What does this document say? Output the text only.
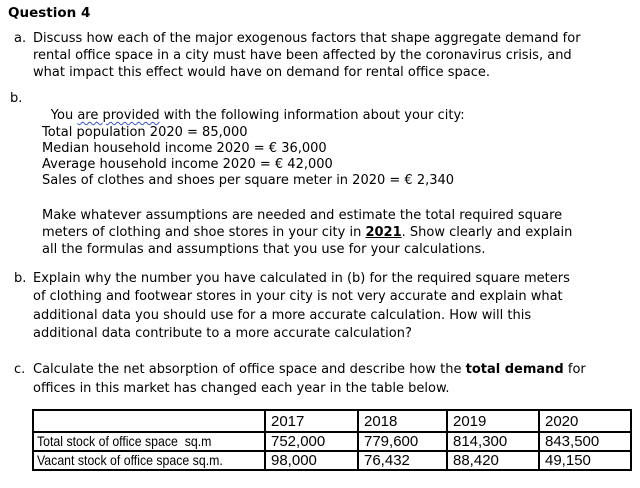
Question 4
a. Discuss how each of the major exogenous factors that shape aggregate demand for
rental office space in a city must have been affected by the coronavirus crisis, and
what impact this effect would have on demand for rental office space.
b.

You are provided with the following information about your city:

Total population 2020 = 85,000
Median household income 2020 = € 36,000
Average household income 2020 = € 42,000
Sales of clothes and shoes per square meter in 2020 = € 2,340
Make whatever assumptions are needed and estimate the total required square
meters of clothing and shoe stores in your city in 2021. Show clearly and explain
all the formulas and assumptions that you use for your calculations.
b. Explain why the number you have calculated in (b) for the required square meters
of clothing and footwear stores in your city is not very accurate and explain what
additional data you should use for a more accurate calculation. How will this
additional data contribute to a more accurate calculation?
c. Calculate the net absorption of office space and describe how the total demand for
offices in this market has changed each year in the table below.
	2017	2018	2019	2020
Total stock of office space  sq.m	752,000	779,600	814,300	843,500
Vacant stock of office space sq.m.	98,000	76,432	88,420	49,150
